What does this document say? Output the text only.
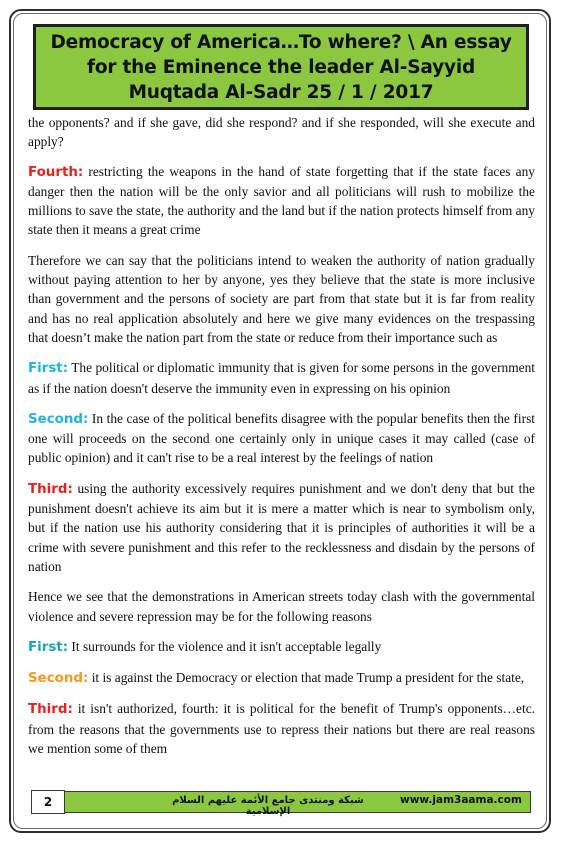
Democracy of America…To where? \ An essay for the Eminence the leader Al-Sayyid Muqtada Al-Sadr 25 / 1 / 2017

the opponents? and if she gave, did she respond? and if she responded, will she execute and apply?

Fourth: restricting the weapons in the hand of state forgetting that if the state faces any danger then the nation will be the only savior and all politicians will rush to mobilize the millions to save the state, the authority and the land but if the nation protects himself from any state then it means a great crime

Therefore we can say that the politicians intend to weaken the authority of nation gradually without paying attention to her by anyone, yes they believe that the state is more inclusive than government and the persons of society are part from that state but it is far from reality and has no real application absolutely and here we give many evidences on the trespassing that doesn’t make the nation part from the state or reduce from their importance such as

First: The political or diplomatic immunity that is given for some persons in the government as if the nation doesn't deserve the immunity even in expressing on his opinion

Second: In the case of the political benefits disagree with the popular benefits then the first one will proceeds on the second one certainly only in unique cases it may called (case of public opinion) and it can't rise to be a real interest by the feelings of nation

Third: using the authority excessively requires punishment and we don't deny that but the punishment doesn't achieve its aim but it is mere a matter which is near to symbolism only, but if the nation use his authority considering that it is principles of authorities it will be a crime with severe punishment and this refer to the recklessness and disdain by the persons of nation

Hence we see that the demonstrations in American streets today clash with the governmental violence and severe repression may be for the following reasons

First: It surrounds for the violence and it isn't acceptable legally

Second: it is against the Democracy or election that made Trump a president for the state,

Third: it isn't authorized, fourth: it is political for the benefit of Trump's opponents…etc. from the reasons that the governments use to repress their nations but there are real reasons we mention some of them

2	شبكة ومنتدى جامع الأئمة عليهم السلام الإسلامية
www.jam3aama.com
